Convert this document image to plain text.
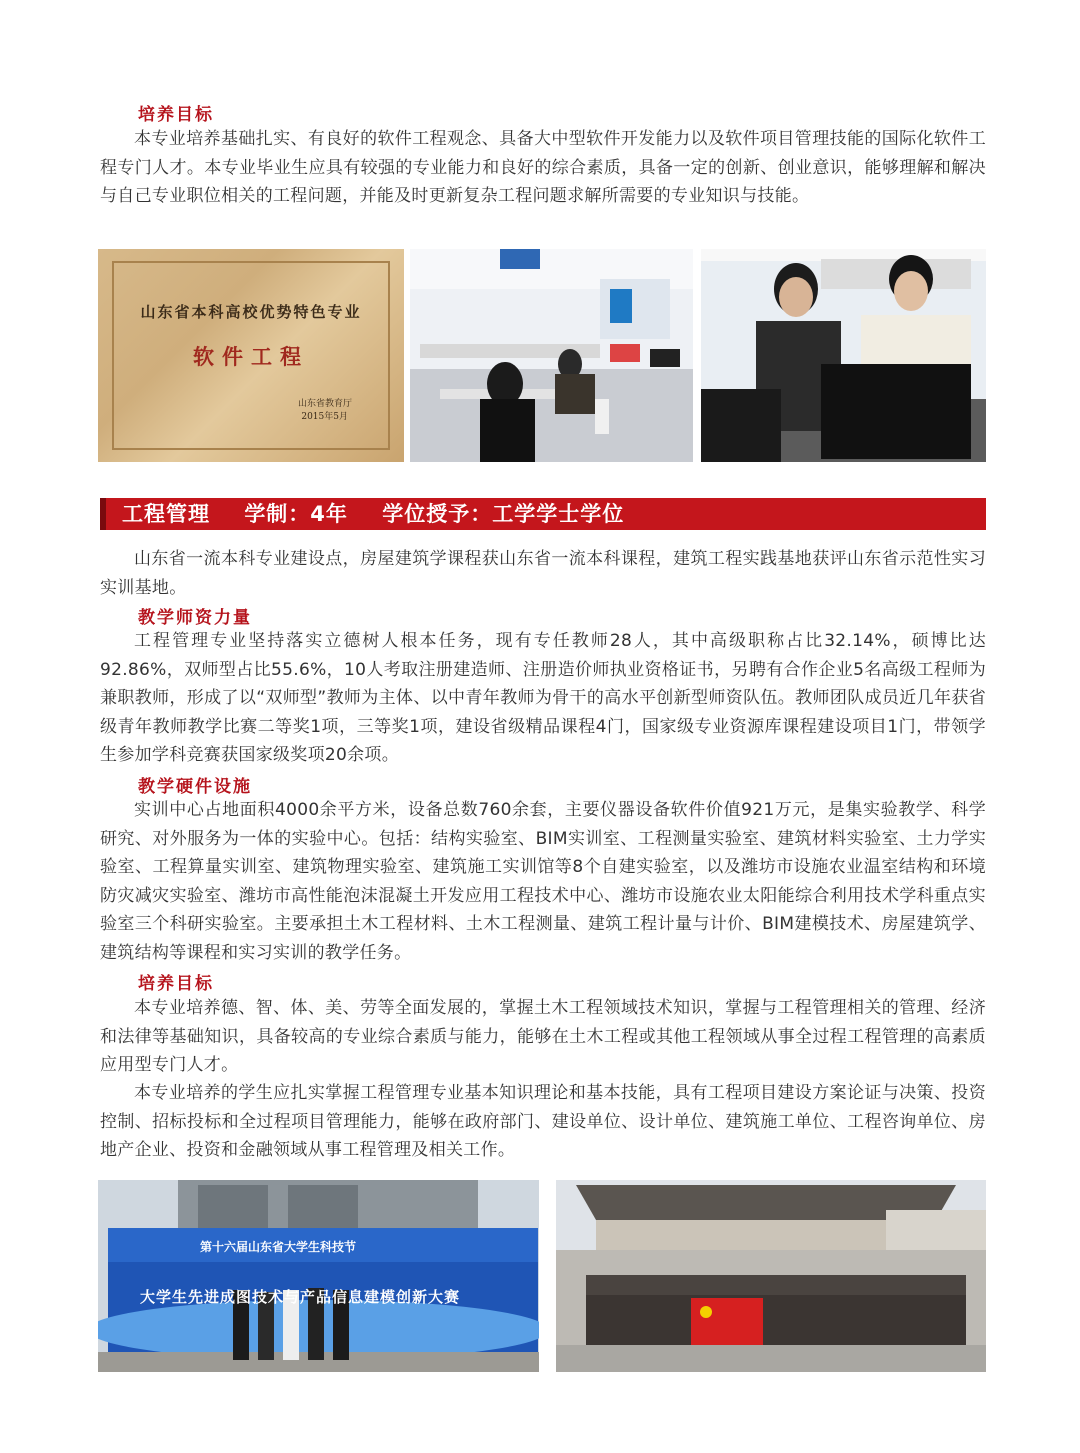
培养目标

本专业培养基础扎实、有良好的软件工程观念、具备大中型软件开发能力以及软件项目管理技能的国际化软件工程专门人才。本专业毕业生应具有较强的专业能力和良好的综合素质，具备一定的创新、创业意识，能够理解和解决与自己专业职位相关的工程问题，并能及时更新复杂工程问题求解所需要的专业知识与技能。

山东省本科高校优势特色专业
软件工程
山东省教育厅
2015年5月
工程管理 学制：4年 学位授予：工学学士学位

山东省一流本科专业建设点，房屋建筑学课程获山东省一流本科课程，建筑工程实践基地获评山东省示范性实习实训基地。

教学师资力量

工程管理专业坚持落实立德树人根本任务，现有专任教师28人，其中高级职称占比32.14%，硕博比达92.86%，双师型占比55.6%，10人考取注册建造师、注册造价师执业资格证书，另聘有合作企业5名高级工程师为兼职教师，形成了以“双师型”教师为主体、以中青年教师为骨干的高水平创新型师资队伍。教师团队成员近几年获省级青年教师教学比赛二等奖1项，三等奖1项，建设省级精品课程4门，国家级专业资源库课程建设项目1门，带领学生参加学科竞赛获国家级奖项20余项。

教学硬件设施

实训中心占地面积4000余平方米，设备总数760余套，主要仪器设备软件价值921万元，是集实验教学、科学研究、对外服务为一体的实验中心。包括：结构实验室、BIM实训室、工程测量实验室、建筑材料实验室、土力学实验室、工程算量实训室、建筑物理实验室、建筑施工实训馆等8个自建实验室，以及潍坊市设施农业温室结构和环境防灾减灾实验室、潍坊市高性能泡沫混凝土开发应用工程技术中心、潍坊市设施农业太阳能综合利用技术学科重点实验室三个科研实验室。主要承担土木工程材料、土木工程测量、建筑工程计量与计价、BIM建模技术、房屋建筑学、建筑结构等课程和实习实训的教学任务。

培养目标

本专业培养德、智、体、美、劳等全面发展的，掌握土木工程领域技术知识，掌握与工程管理相关的管理、经济和法律等基础知识，具备较高的专业综合素质与能力，能够在土木工程或其他工程领域从事全过程工程管理的高素质应用型专门人才。

本专业培养的学生应扎实掌握工程管理专业基本知识理论和基本技能，具有工程项目建设方案论证与决策、投资控制、招标投标和全过程项目管理能力，能够在政府部门、建设单位、设计单位、建筑施工单位、工程咨询单位、房地产企业、投资和金融领域从事工程管理及相关工作。

第十六届山东省大学生科技节
大学生先进成图技术与产品信息建模创新大赛
